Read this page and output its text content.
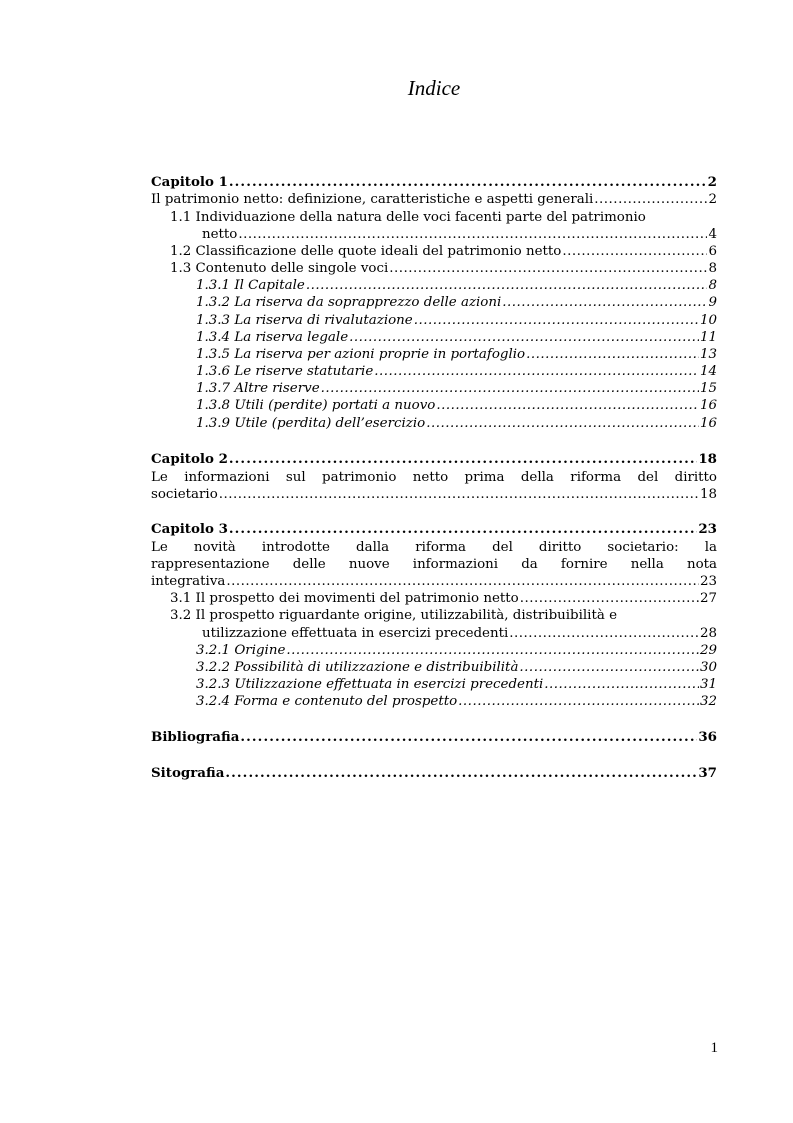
Indice
Capitolo 1 .....	2
Il patrimonio netto: definizione, caratteristiche e aspetti generali .....	2
1.1 Individuazione della natura delle voci facenti parte del patrimonio
netto .....	4
1.2 Classificazione delle quote ideali del patrimonio netto .....	6
1.3 Contenuto delle singole voci .....	8
1.3.1 Il Capitale .....	8
1.3.2 La riserva da soprapprezzo delle azioni .....	9
1.3.3 La riserva di rivalutazione .....	10
1.3.4 La riserva legale .....	11
1.3.5 La riserva per azioni proprie in portafoglio .....	13
1.3.6 Le riserve statutarie .....	14
1.3.7 Altre riserve .....	15
1.3.8 Utili (perdite) portati a nuovo .....	16
1.3.9 Utile (perdita) dell’esercizio .....	16
Capitolo 2 .....	18
Le informazioni sul patrimonio netto prima della riforma del diritto
societario .....	18
Capitolo 3 .....	23
Le novità introdotte dalla riforma del diritto societario: la
rappresentazione delle nuove informazioni da fornire nella nota
integrativa .....	23
3.1 Il prospetto dei movimenti del patrimonio netto .....	27
3.2 Il prospetto riguardante origine, utilizzabilità, distribuibilità e
utilizzazione effettuata in esercizi precedenti .....	28
3.2.1 Origine .....	29
3.2.2 Possibilità di utilizzazione e distribuibilità .....	30
3.2.3 Utilizzazione effettuata in esercizi precedenti .....	31
3.2.4 Forma e contenuto del prospetto .....	32
Bibliografia .....	36
Sitografia .....	37
1
